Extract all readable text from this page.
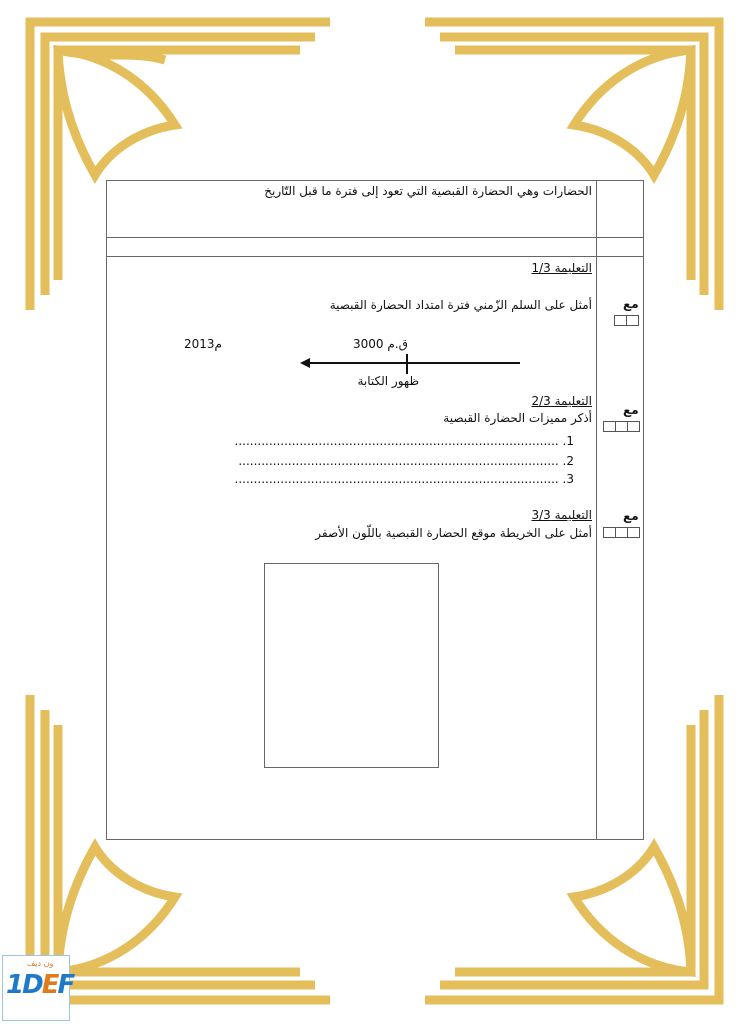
الحضارات وهي الحضارة القبصية التي تعود إلى فترة ما قبل التّاريخ
التعليمة 1/3
أمثل على السلم الزّمني فترة امتداد الحضارة القبصية	مع
3000 ق.م
2013م
ظهور الكتابة
التعليمة 2/3
أذكر مميزات الحضارة القبصية
مع
1. .....................................................................................
2. ....................................................................................
3. .....................................................................................
التعليمة 3/3
أمثل على الخريطة موقع الحضارة القبصية باللّون الأصفر
مع
ون ديف
1DEF
